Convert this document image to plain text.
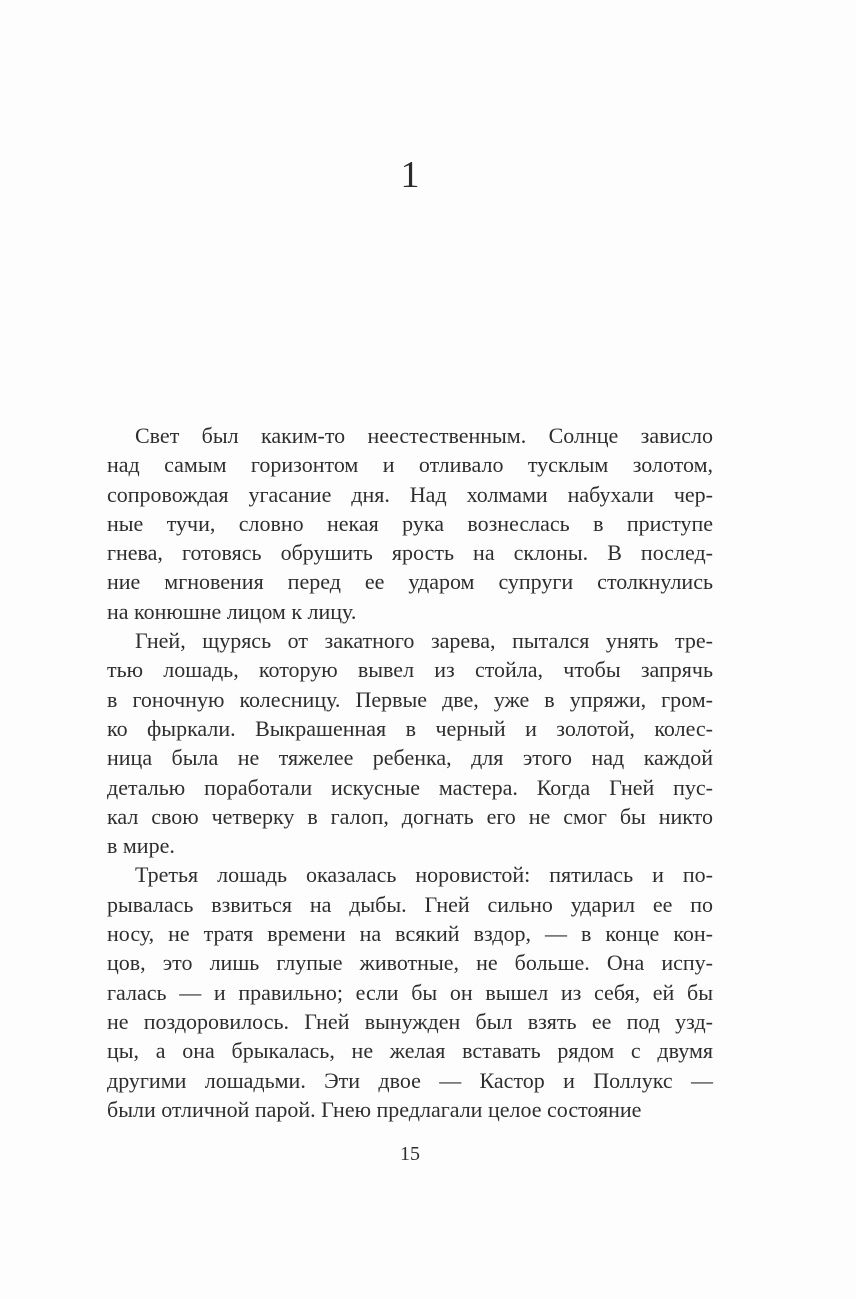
1
Свет был каким-то неестественным. Солнце зависло
над самым горизонтом и отливало тусклым золотом,
сопровождая угасание дня. Над холмами набухали чер-
ные тучи, словно некая рука вознеслась в приступе
гнева, готовясь обрушить ярость на склоны. В послед-
ние мгновения перед ее ударом супруги столкнулись
на конюшне лицом к лицу.
Гней, щурясь от закатного зарева, пытался унять тре-
тью лошадь, которую вывел из стойла, чтобы запрячь
в гоночную колесницу. Первые две, уже в упряжи, гром-
ко фыркали. Выкрашенная в черный и золотой, колес-
ница была не тяжелее ребенка, для этого над каждой
деталью поработали искусные мастера. Когда Гней пус-
кал свою четверку в галоп, догнать его не смог бы никто
в мире.
Третья лошадь оказалась норовистой: пятилась и по-
рывалась взвиться на дыбы. Гней сильно ударил ее по
носу, не тратя времени на всякий вздор, — в конце кон-
цов, это лишь глупые животные, не больше. Она испу-
галась — и правильно; если бы он вышел из себя, ей бы
не поздоровилось. Гней вынужден был взять ее под узд-
цы, а она брыкалась, не желая вставать рядом с двумя
другими лошадьми. Эти двое — Кастор и Поллукс —
были отличной парой. Гнею предлагали целое состояние
15
